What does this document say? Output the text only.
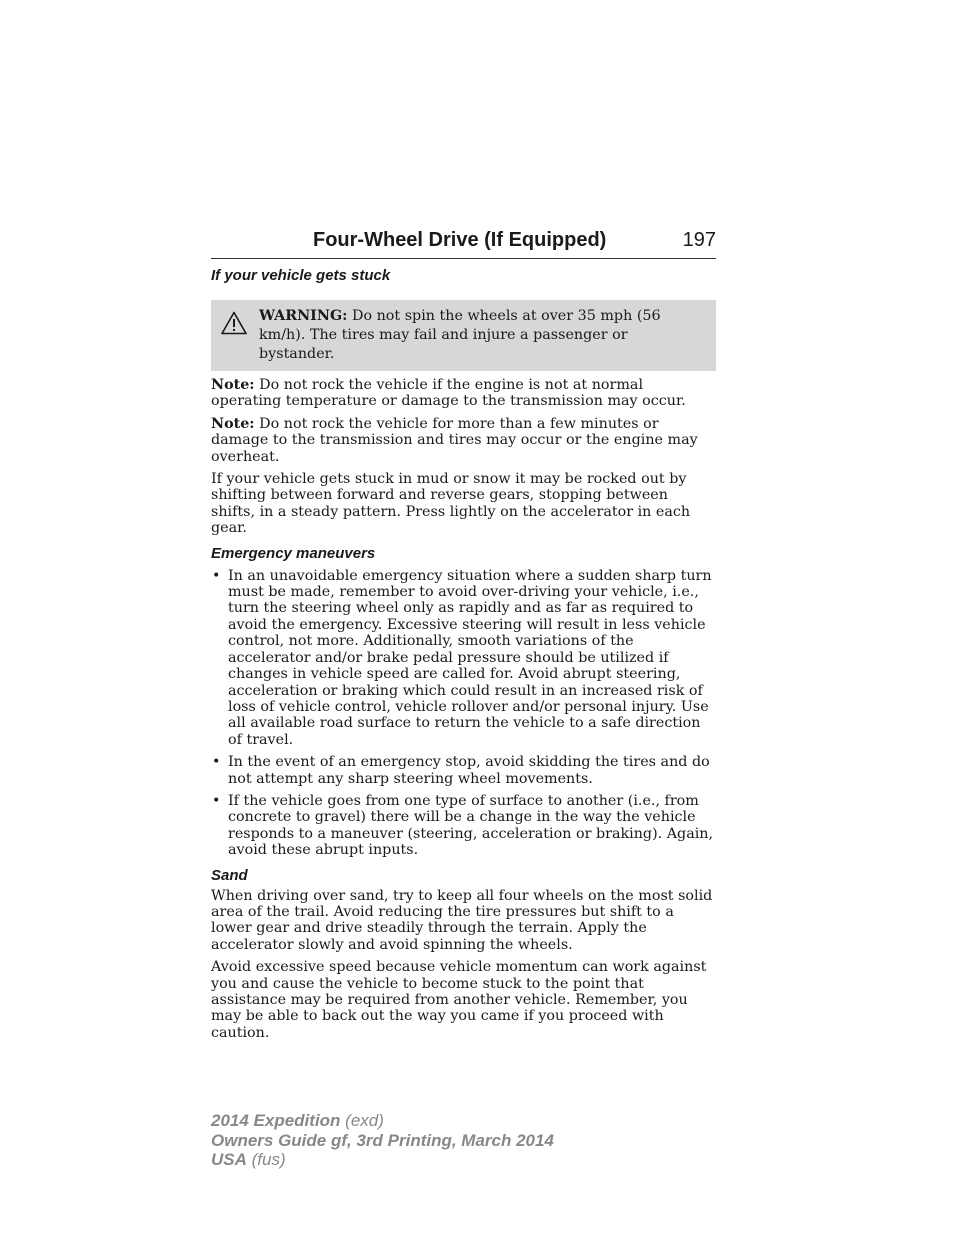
Four-Wheel Drive (If Equipped)	197

If your vehicle gets stuck

WARNING: Do not spin the wheels at over 35 mph (56 km/h). The tires may fail and injure a passenger or bystander.

Note: Do not rock the vehicle if the engine is not at normal operating temperature or damage to the transmission may occur.

Note: Do not rock the vehicle for more than a few minutes or damage to the transmission and tires may occur or the engine may overheat.

If your vehicle gets stuck in mud or snow it may be rocked out by shifting between forward and reverse gears, stopping between shifts, in a steady pattern. Press lightly on the accelerator in each gear.

Emergency maneuvers

• In an unavoidable emergency situation where a sudden sharp turn must be made, remember to avoid over-driving your vehicle, i.e., turn the steering wheel only as rapidly and as far as required to avoid the emergency. Excessive steering will result in less vehicle control, not more. Additionally, smooth variations of the accelerator and/or brake pedal pressure should be utilized if changes in vehicle speed are called for. Avoid abrupt steering, acceleration or braking which could result in an increased risk of loss of vehicle control, vehicle rollover and/or personal injury. Use all available road surface to return the vehicle to a safe direction of travel.
• In the event of an emergency stop, avoid skidding the tires and do not attempt any sharp steering wheel movements.
• If the vehicle goes from one type of surface to another (i.e., from concrete to gravel) there will be a change in the way the vehicle responds to a maneuver (steering, acceleration or braking). Again, avoid these abrupt inputs.

Sand

When driving over sand, try to keep all four wheels on the most solid area of the trail. Avoid reducing the tire pressures but shift to a lower gear and drive steadily through the terrain. Apply the accelerator slowly and avoid spinning the wheels.

Avoid excessive speed because vehicle momentum can work against you and cause the vehicle to become stuck to the point that assistance may be required from another vehicle. Remember, you may be able to back out the way you came if you proceed with caution.

2014 Expedition (exd)
Owners Guide gf, 3rd Printing, March 2014
USA (fus)
